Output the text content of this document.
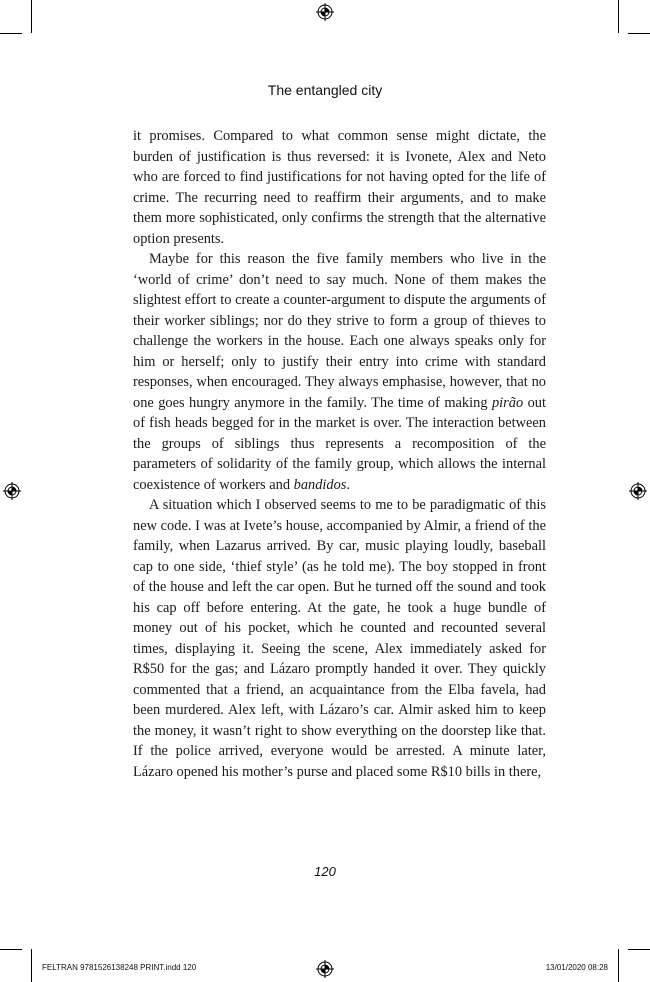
The entangled city

it promises. Compared to what common sense might dictate, the burden of justification is thus reversed: it is Ivonete, Alex and Neto who are forced to find justifications for not having opted for the life of crime. The recurring need to reaffirm their arguments, and to make them more sophisticated, only confirms the strength that the alternative option presents.

Maybe for this reason the five family members who live in the ‘world of crime’ don’t need to say much. None of them makes the slightest effort to create a counter-argument to dispute the arguments of their worker siblings; nor do they strive to form a group of thieves to challenge the workers in the house. Each one always speaks only for him or herself; only to justify their entry into crime with standard responses, when encouraged. They always emphasise, however, that no one goes hungry anymore in the family. The time of making pirão out of fish heads begged for in the market is over. The interaction between the groups of siblings thus represents a recomposition of the parameters of solidarity of the family group, which allows the internal coexistence of workers and bandidos.

A situation which I observed seems to me to be paradigmatic of this new code. I was at Ivete’s house, accompanied by Almir, a friend of the family, when Lazarus arrived. By car, music playing loudly, baseball cap to one side, ‘thief style’ (as he told me). The boy stopped in front of the house and left the car open. But he turned off the sound and took his cap off before entering. At the gate, he took a huge bundle of money out of his pocket, which he counted and recounted several times, displaying it. Seeing the scene, Alex immediately asked for R$50 for the gas; and Lázaro promptly handed it over. They quickly commented that a friend, an acquaintance from the Elba favela, had been murdered. Alex left, with Lázaro’s car. Almir asked him to keep the money, it wasn’t right to show everything on the doorstep like that. If the police arrived, everyone would be arrested. A minute later, Lázaro opened his mother’s purse and placed some R$10 bills in there,

120
FELTRAN 9781526138248 PRINT.indd 120	13/01/2020 08:28
